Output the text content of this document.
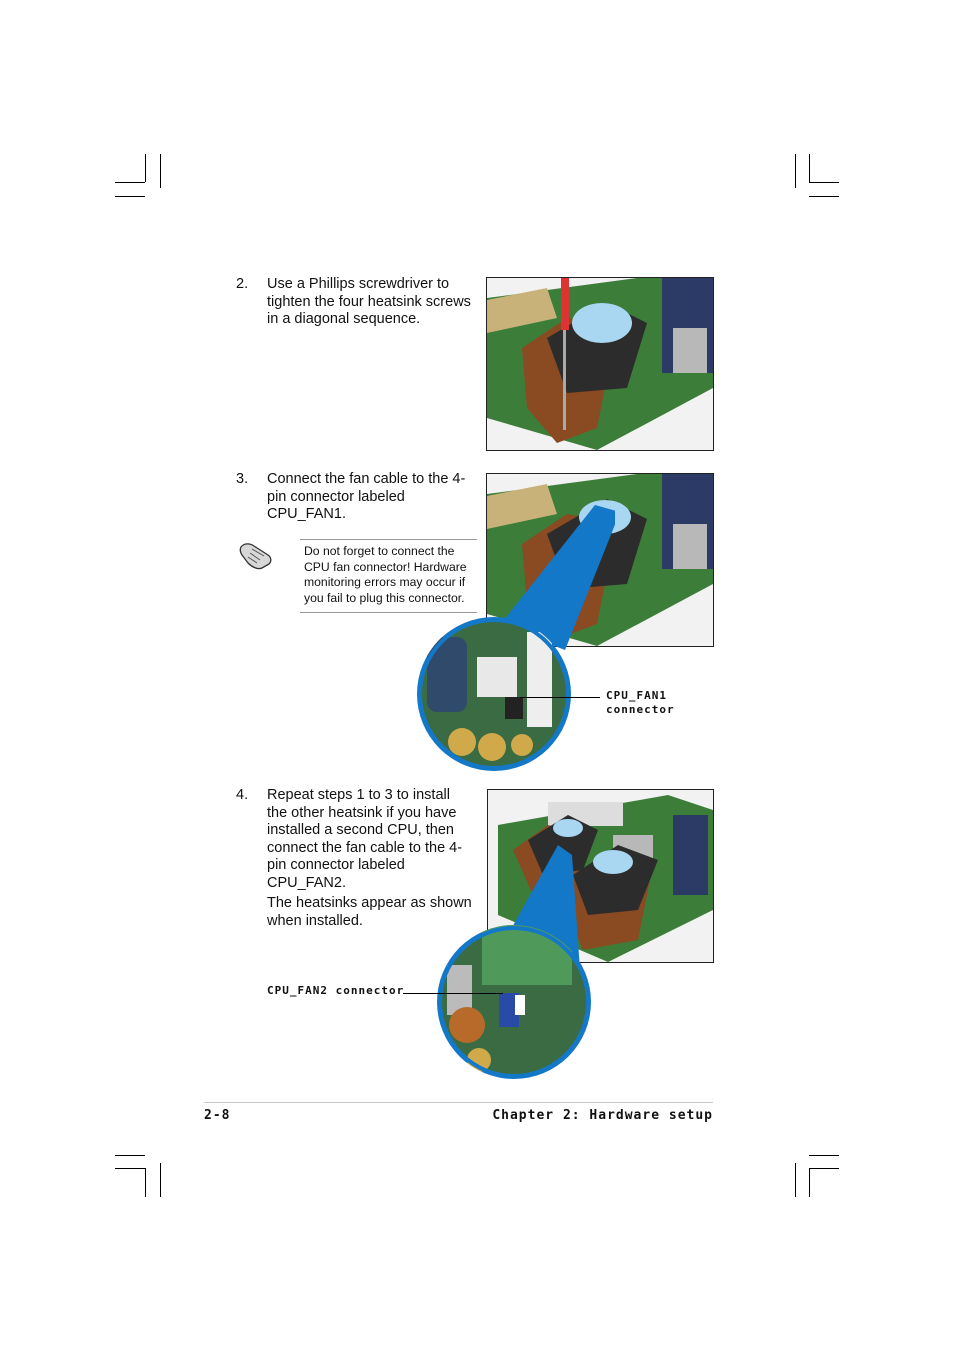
2. Use a Phillips screwdriver to tighten the four heatsink screws in a diagonal sequence.
3. Connect the fan cable to the 4-pin connector labeled CPU_FAN1.
Do not forget to connect the CPU fan connector! Hardware monitoring errors may occur if you fail to plug this connector.
CPU_FAN1
connector
4. Repeat steps 1 to 3 to install the other heatsink if you have installed a second CPU, then connect the fan cable to the 4-pin connector labeled CPU_FAN2.
The heatsinks appear as shown when installed.
CPU_FAN2 connector
2-8	Chapter 2: Hardware setup
